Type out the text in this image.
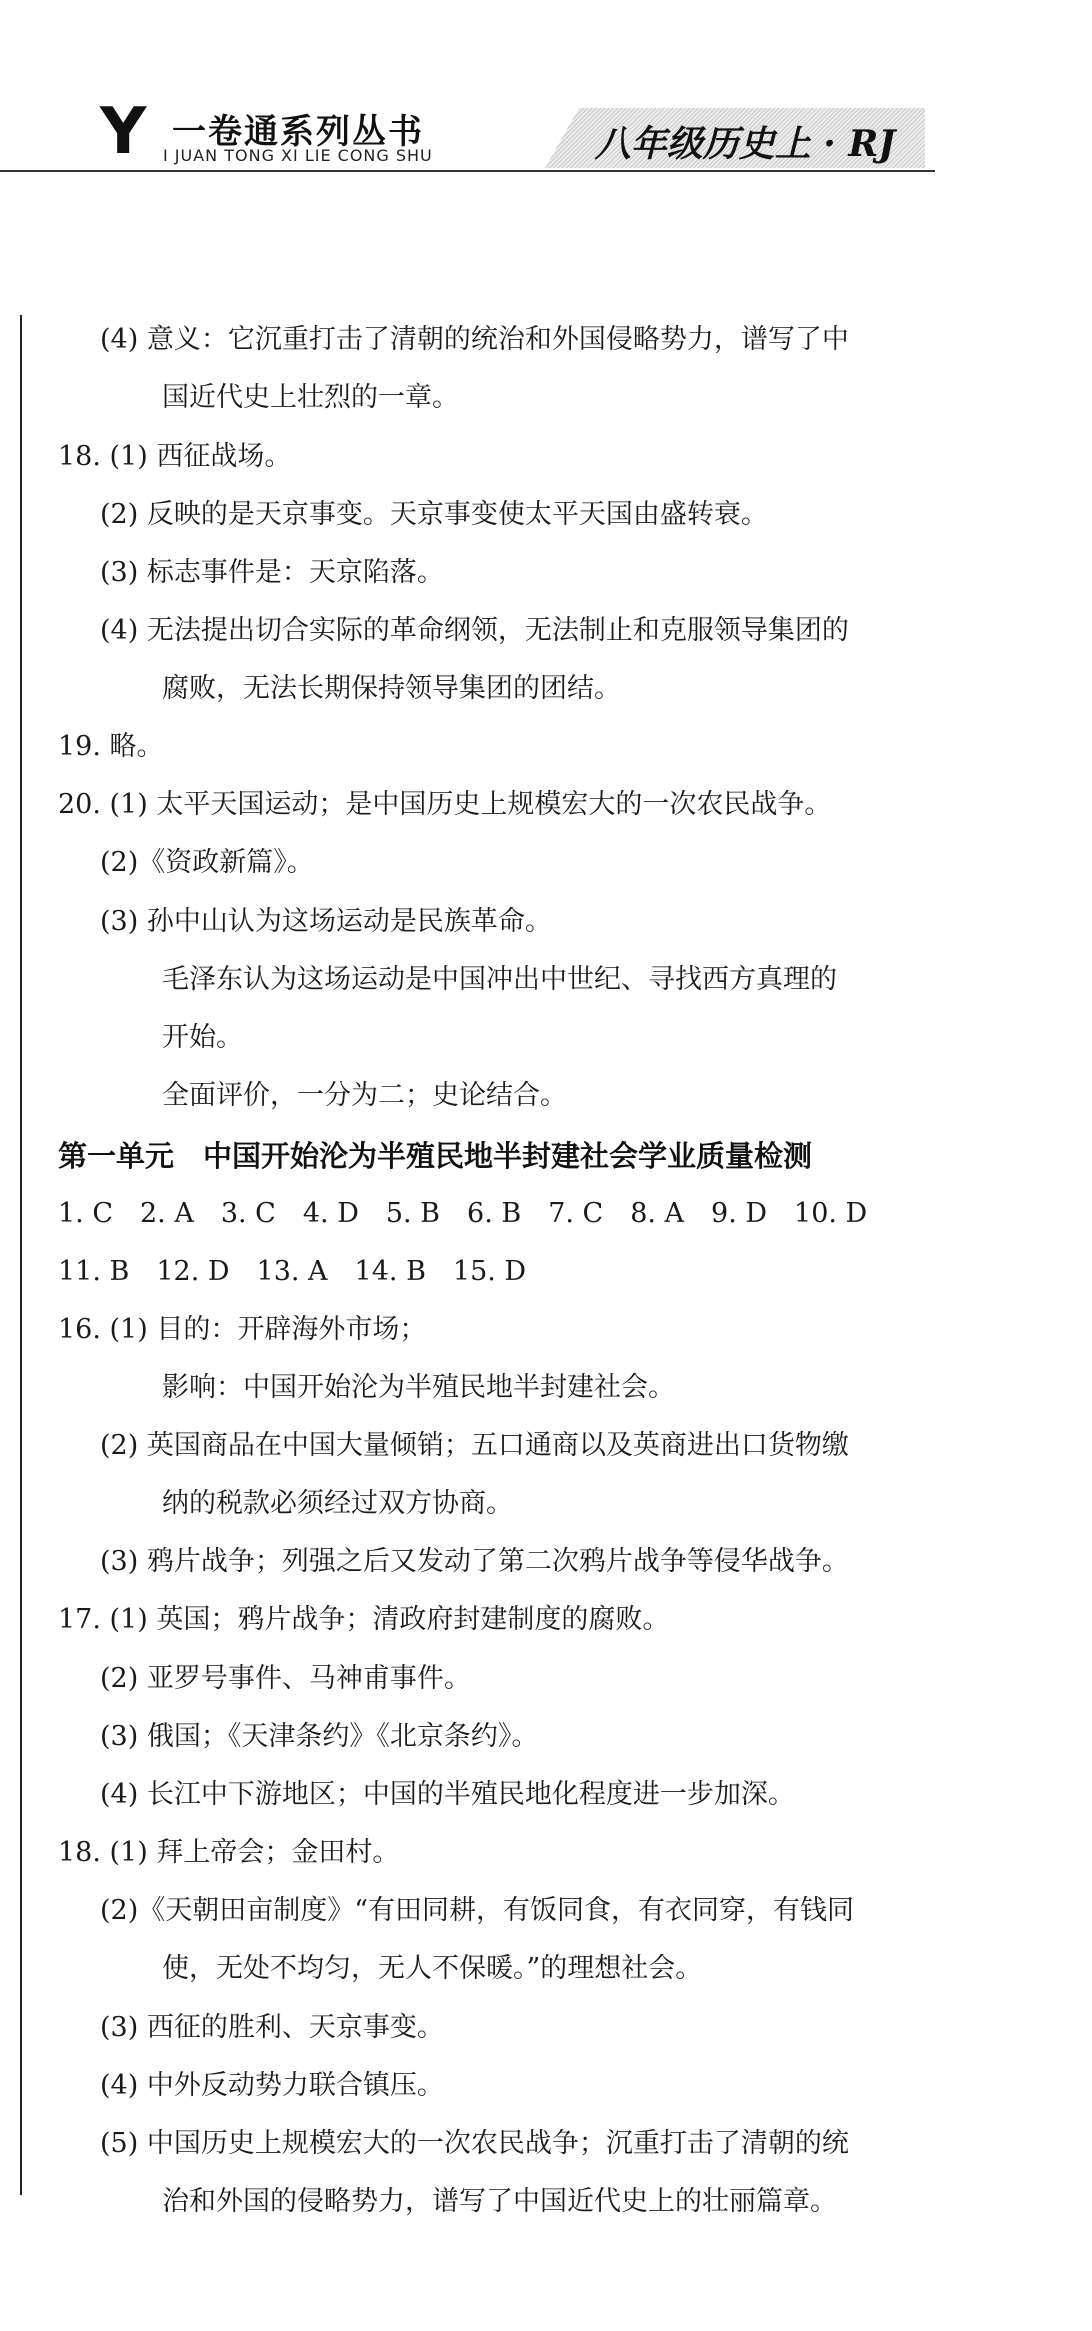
Y 一卷通系列丛书
I JUAN TONG XI LIE CONG SHU	八年级历史上 · RJ
(4) 意义：它沉重打击了清朝的统治和外国侵略势力，谱写了中
国近代史上壮烈的一章。
18. (1) 西征战场。
(2) 反映的是天京事变。天京事变使太平天国由盛转衰。
(3) 标志事件是：天京陷落。
(4) 无法提出切合实际的革命纲领，无法制止和克服领导集团的
腐败，无法长期保持领导集团的团结。
19. 略。
20. (1) 太平天国运动；是中国历史上规模宏大的一次农民战争。
(2)《资政新篇》。
(3) 孙中山认为这场运动是民族革命。
毛泽东认为这场运动是中国冲出中世纪、寻找西方真理的
开始。
全面评价，一分为二；史论结合。
第一单元　中国开始沦为半殖民地半封建社会学业质量检测
1. C　2. A　3. C　4. D　5. B　6. B　7. C　8. A　9. D　10. D
11. B　12. D　13. A　14. B　15. D
16. (1) 目的：开辟海外市场；
影响：中国开始沦为半殖民地半封建社会。
(2) 英国商品在中国大量倾销；五口通商以及英商进出口货物缴
纳的税款必须经过双方协商。
(3) 鸦片战争；列强之后又发动了第二次鸦片战争等侵华战争。
17. (1) 英国；鸦片战争；清政府封建制度的腐败。
(2) 亚罗号事件、马神甫事件。
(3) 俄国；《天津条约》《北京条约》。
(4) 长江中下游地区；中国的半殖民地化程度进一步加深。
18. (1) 拜上帝会；金田村。
(2)《天朝田亩制度》“有田同耕，有饭同食，有衣同穿，有钱同
使，无处不均匀，无人不保暖。”的理想社会。
(3) 西征的胜利、天京事变。
(4) 中外反动势力联合镇压。
(5) 中国历史上规模宏大的一次农民战争；沉重打击了清朝的统
治和外国的侵略势力，谱写了中国近代史上的壮丽篇章。
